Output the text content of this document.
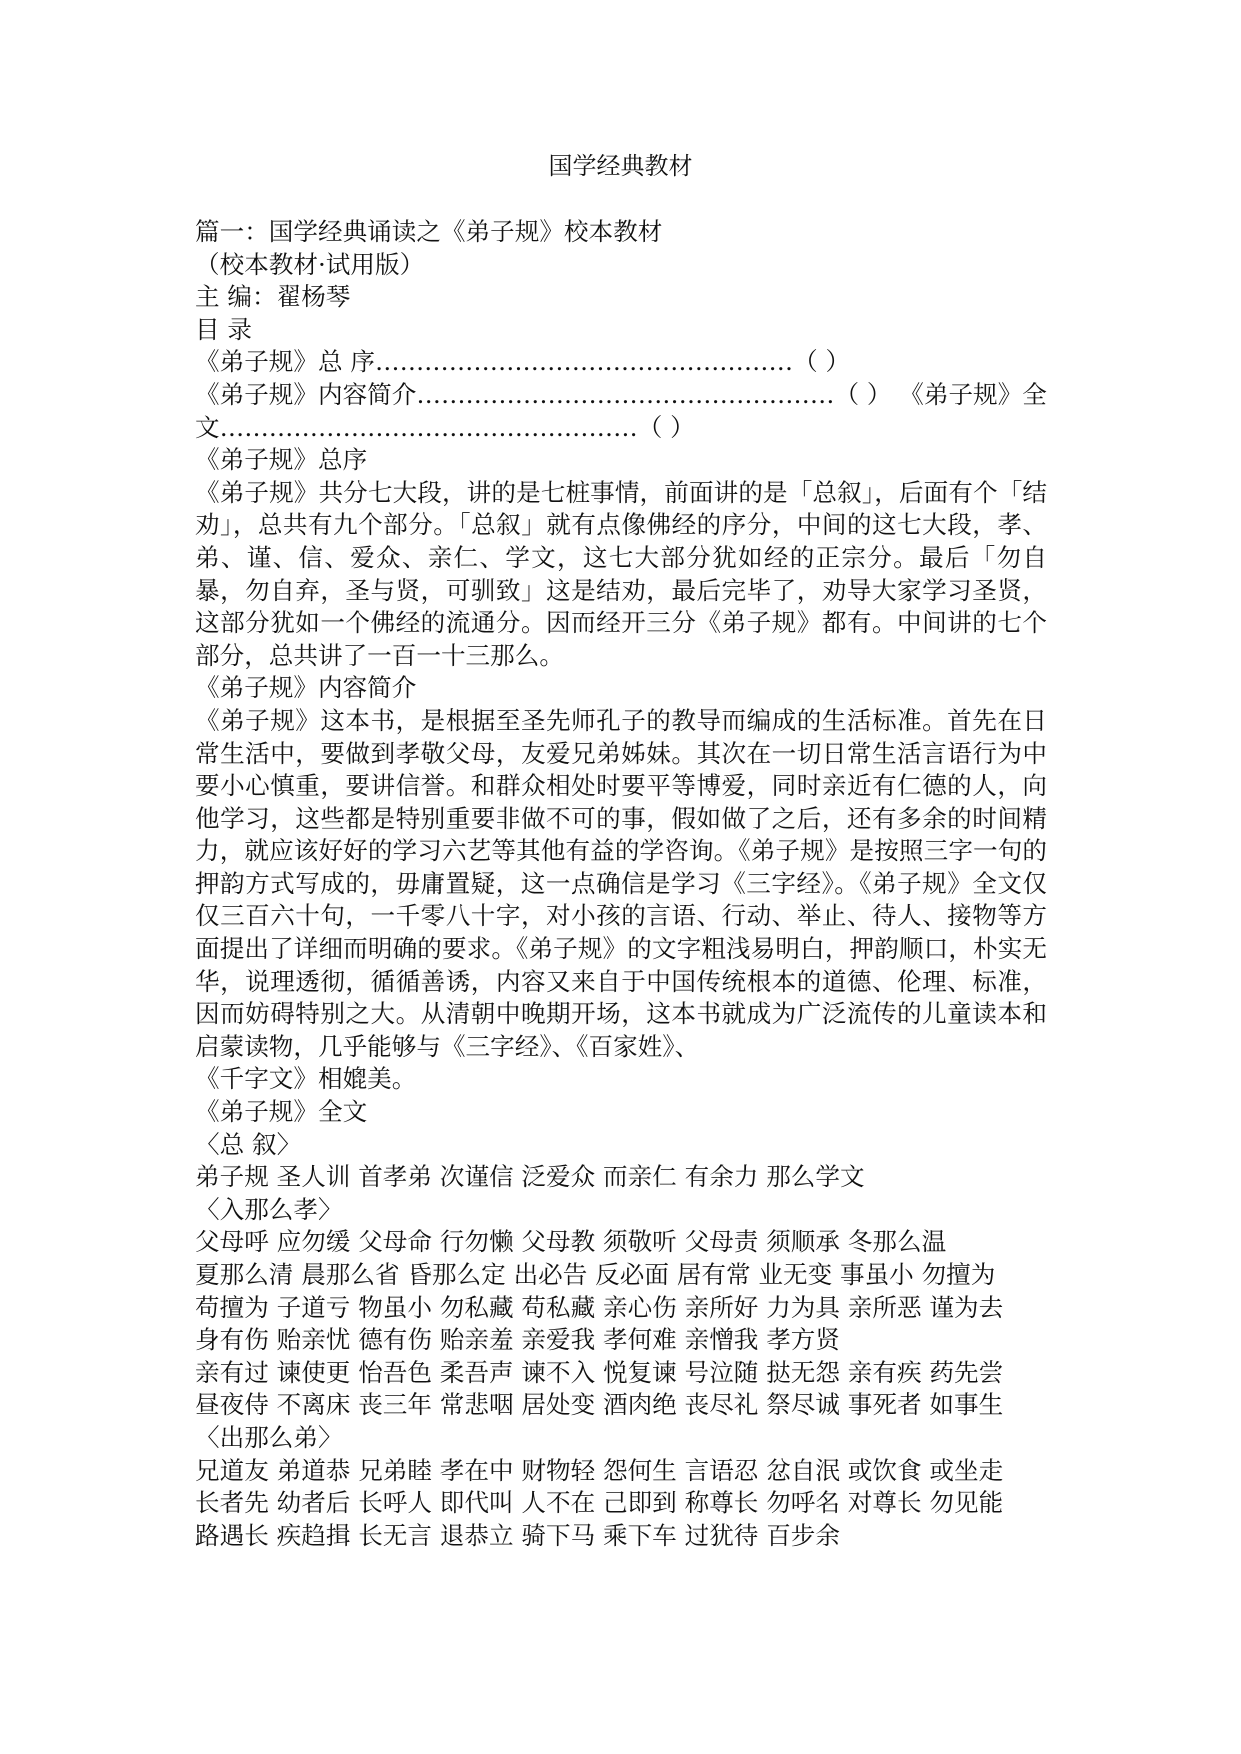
国学经典教材
篇一：国学经典诵读之《弟子规》校本教材
（校本教材·试用版）
主 编：翟杨琴
目 录
《弟子规》总 序……………………………………………（ ）
《弟子规》内容简介……………………………………………（ ） 《弟子规》全
文……………………………………………（ ）
《弟子规》总序
《弟子规》共分七大段，讲的是七桩事情，前面讲的是「总叙」，后面有个「结劝」，总共有九个部分。「总叙」就有点像佛经的序分，中间的这七大段，孝、弟、谨、信、爱众、亲仁、学文，这七大部分犹如经的正宗分。最后「勿自暴，勿自弃，圣与贤，可驯致」这是结劝，最后完毕了，劝导大家学习圣贤，这部分犹如一个佛经的流通分。因而经开三分《弟子规》都有。中间讲的七个部分，总共讲了一百一十三那么。
《弟子规》内容简介
《弟子规》这本书，是根据至圣先师孔子的教导而编成的生活标准。首先在日常生活中，要做到孝敬父母，友爱兄弟姊妹。其次在一切日常生活言语行为中要小心慎重，要讲信誉。和群众相处时要平等博爱，同时亲近有仁德的人，向他学习，这些都是特别重要非做不可的事，假如做了之后，还有多余的时间精力，就应该好好的学习六艺等其他有益的学咨询。《弟子规》是按照三字一句的押韵方式写成的，毋庸置疑，这一点确信是学习《三字经》。《弟子规》全文仅仅三百六十句，一千零八十字，对小孩的言语、行动、举止、待人、接物等方面提出了详细而明确的要求。《弟子规》的文字粗浅易明白，押韵顺口，朴实无华，说理透彻，循循善诱，内容又来自于中国传统根本的道德、伦理、标准，因而妨碍特别之大。从清朝中晚期开场，这本书就成为广泛流传的儿童读本和启蒙读物，几乎能够与《三字经》、《百家姓》、
《千字文》相媲美。
《弟子规》全文
〈总 叙〉
弟子规 圣人训 首孝弟 次谨信 泛爱众 而亲仁 有余力 那么学文
〈入那么孝〉
父母呼 应勿缓 父母命 行勿懒 父母教 须敬听 父母责 须顺承 冬那么温
夏那么清 晨那么省 昏那么定 出必告 反必面 居有常 业无变 事虽小 勿擅为
苟擅为 子道亏 物虽小 勿私藏 苟私藏 亲心伤 亲所好 力为具 亲所恶 谨为去
身有伤 贻亲忧 德有伤 贻亲羞 亲爱我 孝何难 亲憎我 孝方贤
亲有过 谏使更 怡吾色 柔吾声 谏不入 悦复谏 号泣随 挞无怨 亲有疾 药先尝
昼夜侍 不离床 丧三年 常悲咽 居处变 酒肉绝 丧尽礼 祭尽诚 事死者 如事生
〈出那么弟〉
兄道友 弟道恭 兄弟睦 孝在中 财物轻 怨何生 言语忍 忿自泯 或饮食 或坐走
长者先 幼者后 长呼人 即代叫 人不在 己即到 称尊长 勿呼名 对尊长 勿见能
路遇长 疾趋揖 长无言 退恭立 骑下马 乘下车 过犹待 百步余
